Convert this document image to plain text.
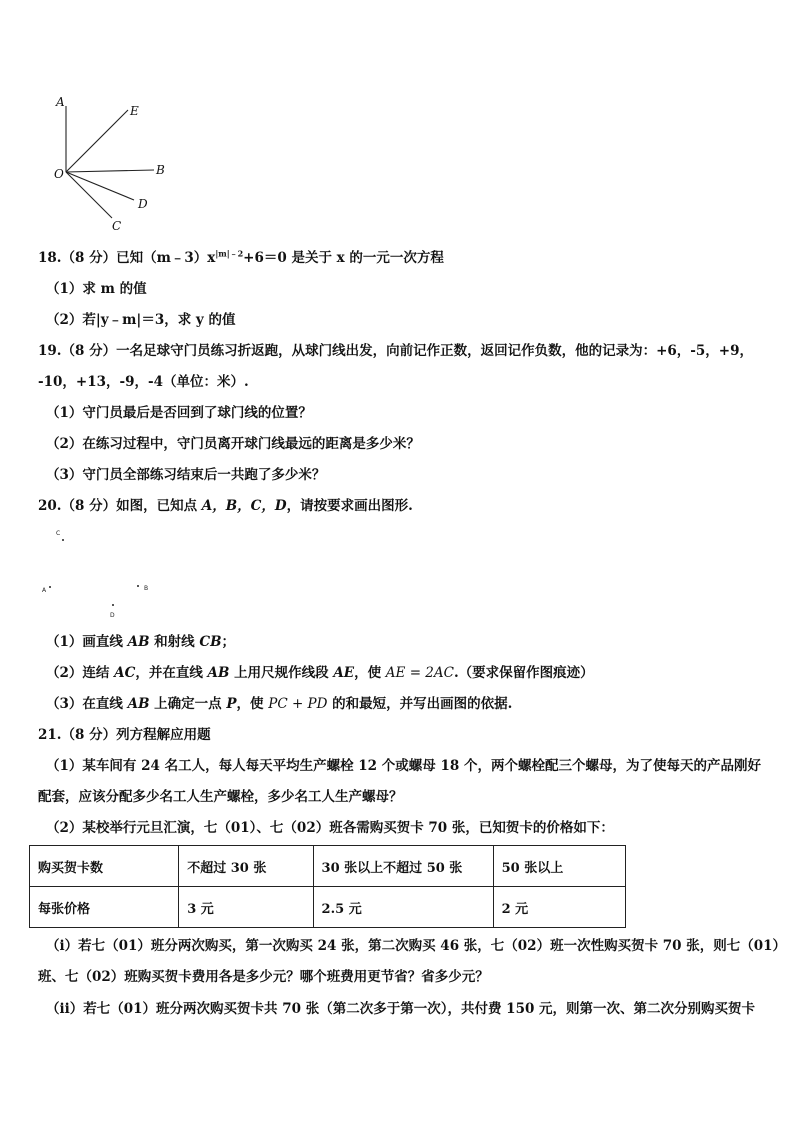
A
E
O	B
D
C
18.（8 分）已知$(m﹣3)x^{|m|﹣2}+6=0$ 是关于 x 的一元一次方程
（1）求 m 的值
（2）若|y﹣m|＝3，求 y 的值
19.（8 分）一名足球守门员练习折返跑，从球门线出发，向前记作正数，返回记作负数，他的记录为：+6，-5，+9，
-10，+13，-9，-4（单位：米）.
（1）守门员最后是否回到了球门线的位置？
（2）在练习过程中，守门员离开球门线最远的距离是多少米？
（3）守门员全部练习结束后一共跑了多少米？
20.（8 分）如图，已知点 A，B，C，D，请按要求画出图形.
C
A	B
D
（1）画直线 AB 和射线 CB；
（2）连结 AC，并在直线 AB 上用尺规作线段 AE，使 AE = 2AC.（要求保留作图痕迹）
（3）在直线 AB 上确定一点 P，使 PC + PD 的和最短，并写出画图的依据.
21.（8 分）列方程解应用题
（1）某车间有 24 名工人，每人每天平均生产螺栓 12 个或螺母 18 个，两个螺栓配三个螺母，为了使每天的产品刚好
配套，应该分配多少名工人生产螺栓，多少名工人生产螺母？
（2）某校举行元旦汇演，七（01）、七（02）班各需购买贺卡 70 张，已知贺卡的价格如下：
购买贺卡数	不超过 30 张	30 张以上不超过 50 张	50 张以上
每张价格	3 元	2.5 元	2 元
（i）若七（01）班分两次购买，第一次购买 24 张，第二次购买 46 张，七（02）班一次性购买贺卡 70 张，则七（01）
班、七（02）班购买贺卡费用各是多少元？哪个班费用更节省？省多少元？
（ii）若七（01）班分两次购买贺卡共 70 张（第二次多于第一次），共付费 150 元，则第一次、第二次分别购买贺卡
